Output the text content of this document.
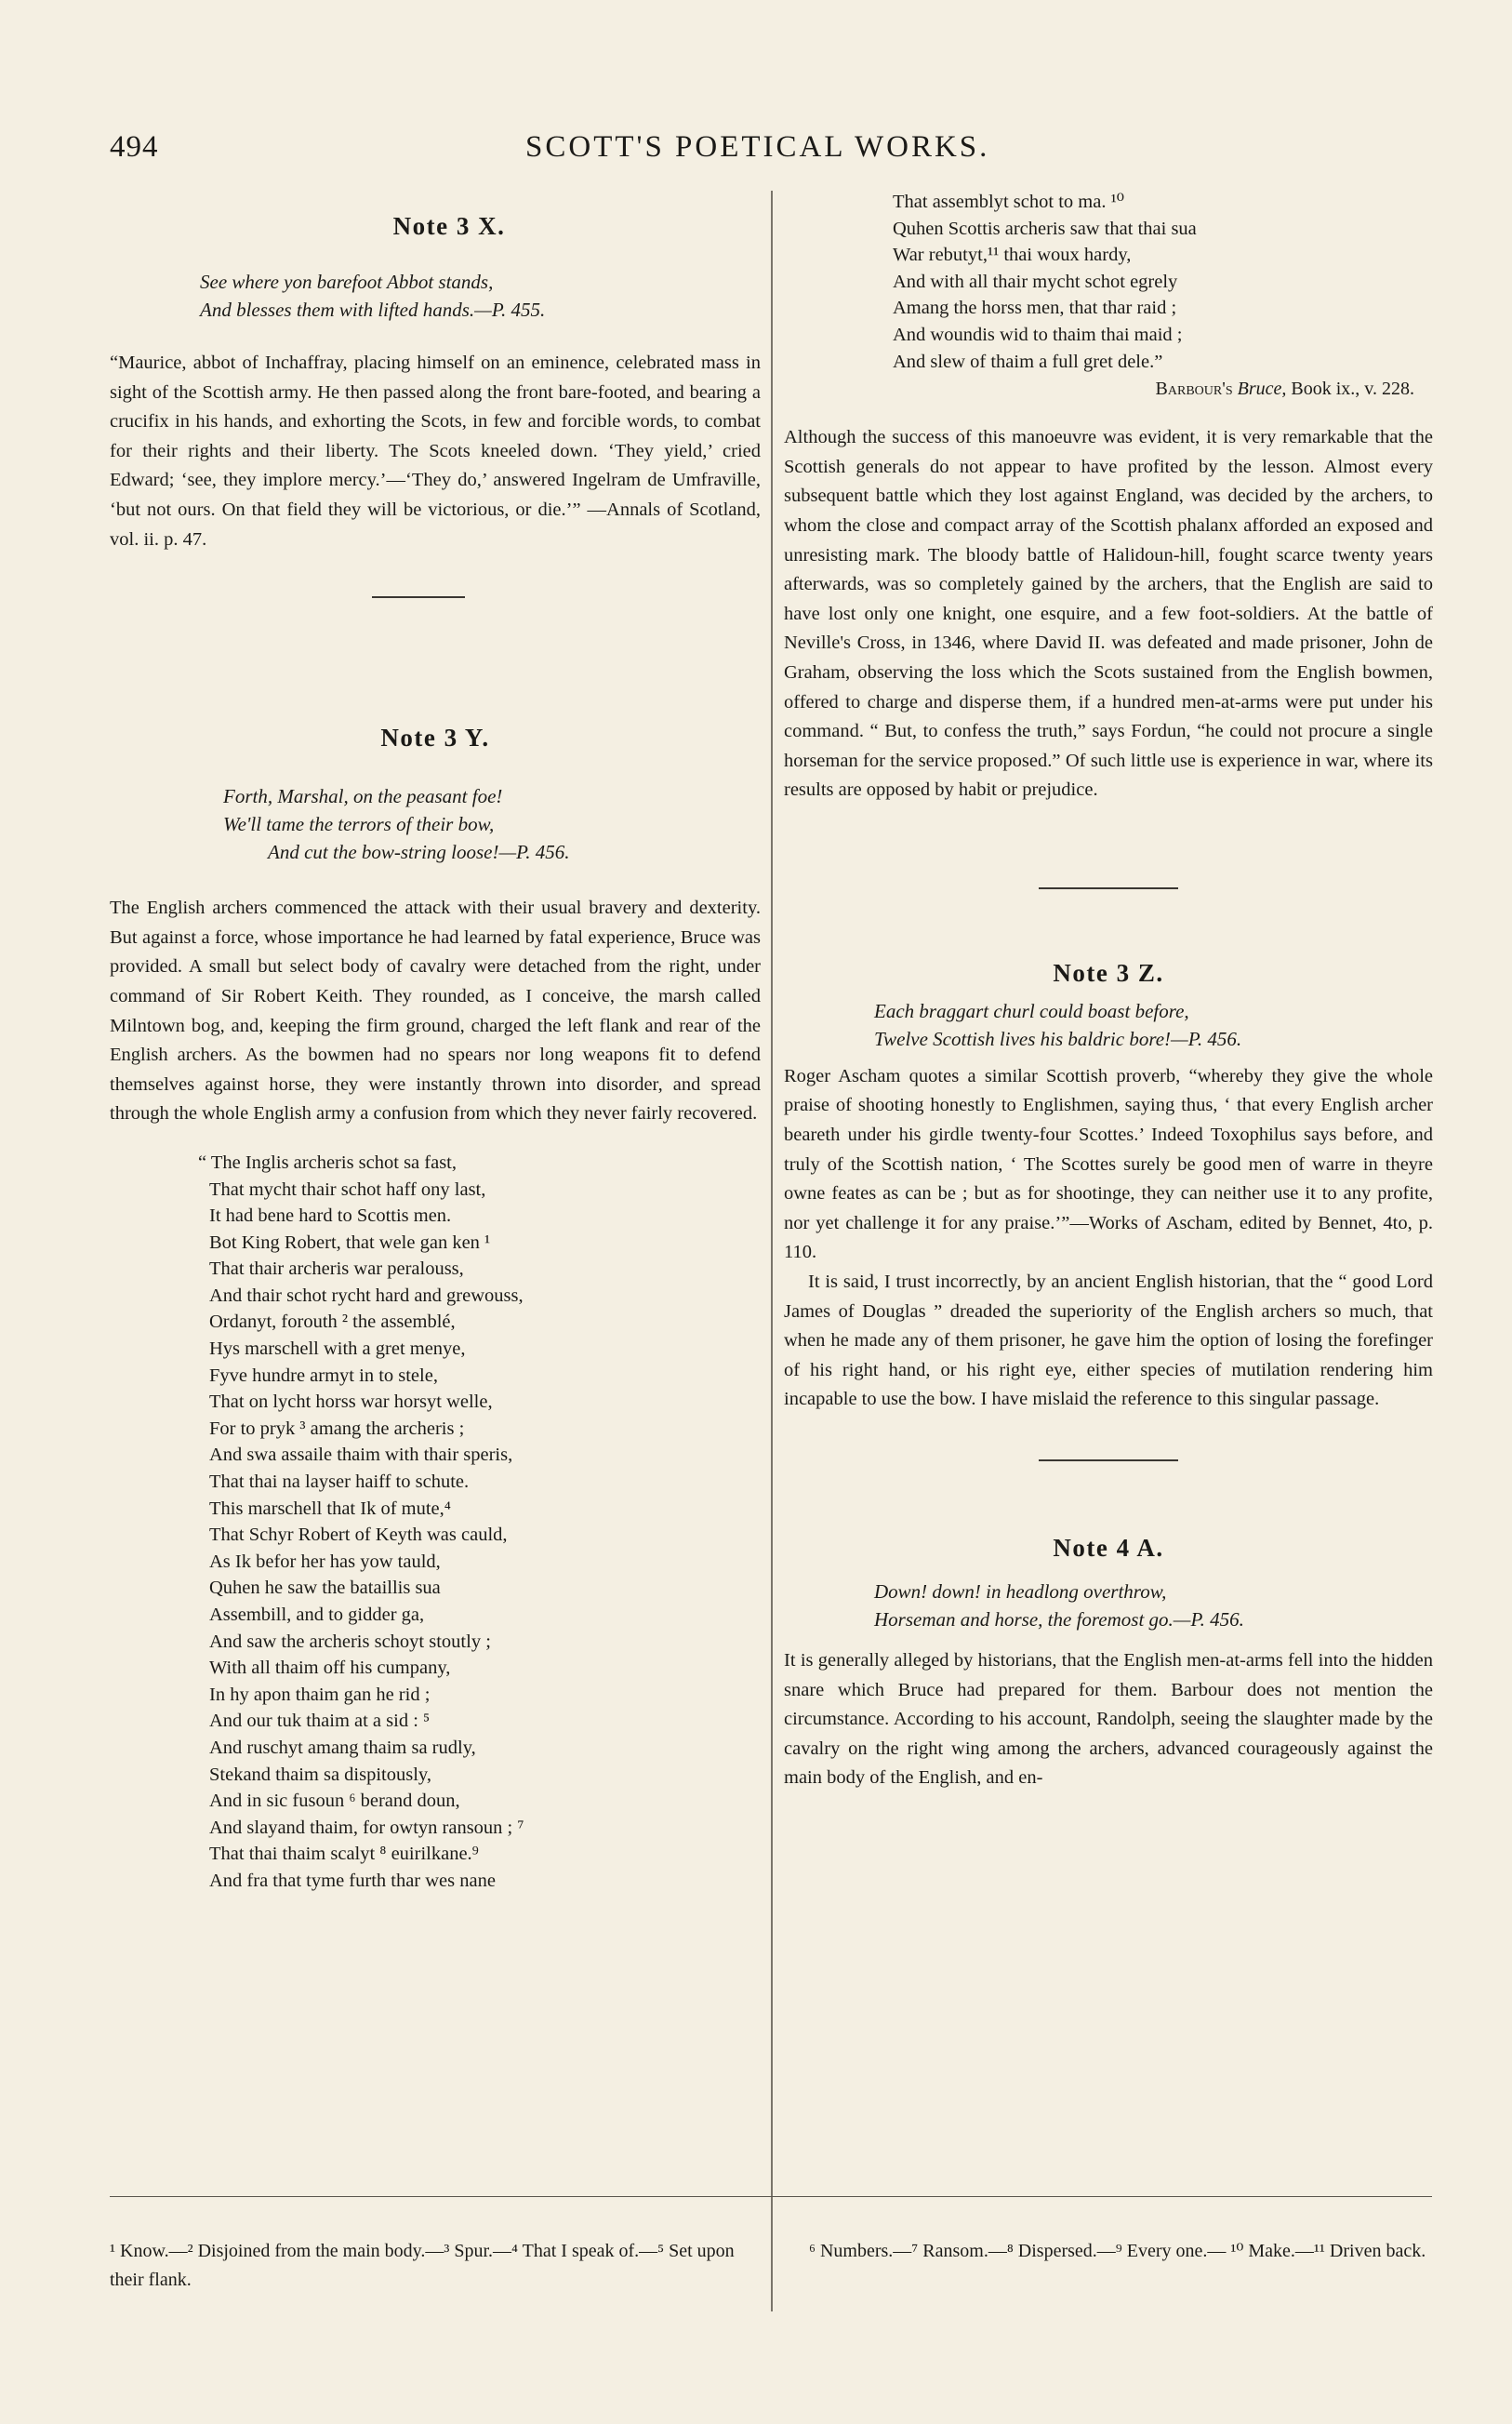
494	SCOTT'S POETICAL WORKS.
Note 3 X.

See where yon barefoot Abbot stands,

And blesses them with lifted hands.—P. 455.

“Maurice, abbot of Inchaffray, placing himself on an eminence, celebrated mass in sight of the Scottish army. He then passed along the front bare-footed, and bearing a crucifix in his hands, and exhorting the Scots, in few and forcible words, to combat for their rights and their liberty. The Scots kneeled down. ‘They yield,’ cried Edward; ‘see, they implore mercy.’—‘They do,’ answered Ingelram de Umfraville, ‘but not ours. On that field they will be victorious, or die.’” —Annals of Scotland, vol. ii. p. 47.

Note 3 Y.

Forth, Marshal, on the peasant foe!

We'll tame the terrors of their bow,

And cut the bow-string loose!—P. 456.

The English archers commenced the attack with their usual bravery and dexterity. But against a force, whose importance he had learned by fatal experience, Bruce was provided. A small but select body of cavalry were detached from the right, under command of Sir Robert Keith. They rounded, as I conceive, the marsh called Milntown bog, and, keeping the firm ground, charged the left flank and rear of the English archers. As the bowmen had no spears nor long weapons fit to defend themselves against horse, they were instantly thrown into disorder, and spread through the whole English army a confusion from which they never fairly recovered.

“ The Inglis archeris schot sa fast,
That mycht thair schot haff ony last,
It had bene hard to Scottis men.
Bot King Robert, that wele gan ken ¹
That thair archeris war peralouss,
And thair schot rycht hard and grewouss,
Ordanyt, forouth ² the assemblé,
Hys marschell with a gret menye,
Fyve hundre armyt in to stele,
That on lycht horss war horsyt welle,
For to pryk ³ amang the archeris ;
And swa assaile thaim with thair speris,
That thai na layser haiff to schute.
This marschell that Ik of mute,⁴
That Schyr Robert of Keyth was cauld,
As Ik befor her has yow tauld,
Quhen he saw the bataillis sua
Assembill, and to gidder ga,
And saw the archeris schoyt stoutly ;
With all thaim off his cumpany,
In hy apon thaim gan he rid ;
And our tuk thaim at a sid : ⁵
And ruschyt amang thaim sa rudly,
Stekand thaim sa dispitously,
And in sic fusoun ⁶ berand doun,
And slayand thaim, for owtyn ransoun ; ⁷
That thai thaim scalyt ⁸ euirilkane.⁹
And fra that tyme furth thar wes nane
That assemblyt schot to ma. ¹⁰
Quhen Scottis archeris saw that thai sua
War rebutyt,¹¹ thai woux hardy,
And with all thair mycht schot egrely
Amang the horss men, that thar raid ;
And woundis wid to thaim thai maid ;
And slew of thaim a full gret dele.”
Barbour's Bruce, Book ix., v. 228.

Although the success of this manoeuvre was evident, it is very remarkable that the Scottish generals do not appear to have profited by the lesson. Almost every subsequent battle which they lost against England, was decided by the archers, to whom the close and compact array of the Scottish phalanx afforded an exposed and unresisting mark. The bloody battle of Halidoun-hill, fought scarce twenty years afterwards, was so completely gained by the archers, that the English are said to have lost only one knight, one esquire, and a few foot-soldiers. At the battle of Neville's Cross, in 1346, where David II. was defeated and made prisoner, John de Graham, observing the loss which the Scots sustained from the English bowmen, offered to charge and disperse them, if a hundred men-at-arms were put under his command. “ But, to confess the truth,” says Fordun, “he could not procure a single horseman for the service proposed.” Of such little use is experience in war, where its results are opposed by habit or prejudice.

Note 3 Z.

Each braggart churl could boast before,

Twelve Scottish lives his baldric bore!—P. 456.

Roger Ascham quotes a similar Scottish proverb, “whereby they give the whole praise of shooting honestly to Englishmen, saying thus, ‘ that every English archer beareth under his girdle twenty-four Scottes.’ Indeed Toxophilus says before, and truly of the Scottish nation, ‘ The Scottes surely be good men of warre in theyre owne feates as can be ; but as for shootinge, they can neither use it to any profite, nor yet challenge it for any praise.’”—Works of Ascham, edited by Bennet, 4to, p. 110.

It is said, I trust incorrectly, by an ancient English historian, that the “ good Lord James of Douglas ” dreaded the superiority of the English archers so much, that when he made any of them prisoner, he gave him the option of losing the forefinger of his right hand, or his right eye, either species of mutilation rendering him incapable to use the bow. I have mislaid the reference to this singular passage.

Note 4 A.

Down! down! in headlong overthrow,

Horseman and horse, the foremost go.—P. 456.

It is generally alleged by historians, that the English men-at-arms fell into the hidden snare which Bruce had prepared for them. Barbour does not mention the circumstance. According to his account, Randolph, seeing the slaughter made by the cavalry on the right wing among the archers, advanced courageously against the main body of the English, and en-

¹ Know.—² Disjoined from the main body.—³ Spur.—⁴ That I speak of.—⁵ Set upon their flank.

⁶ Numbers.—⁷ Ransom.—⁸ Dispersed.—⁹ Every one.— ¹⁰ Make.—¹¹ Driven back.
